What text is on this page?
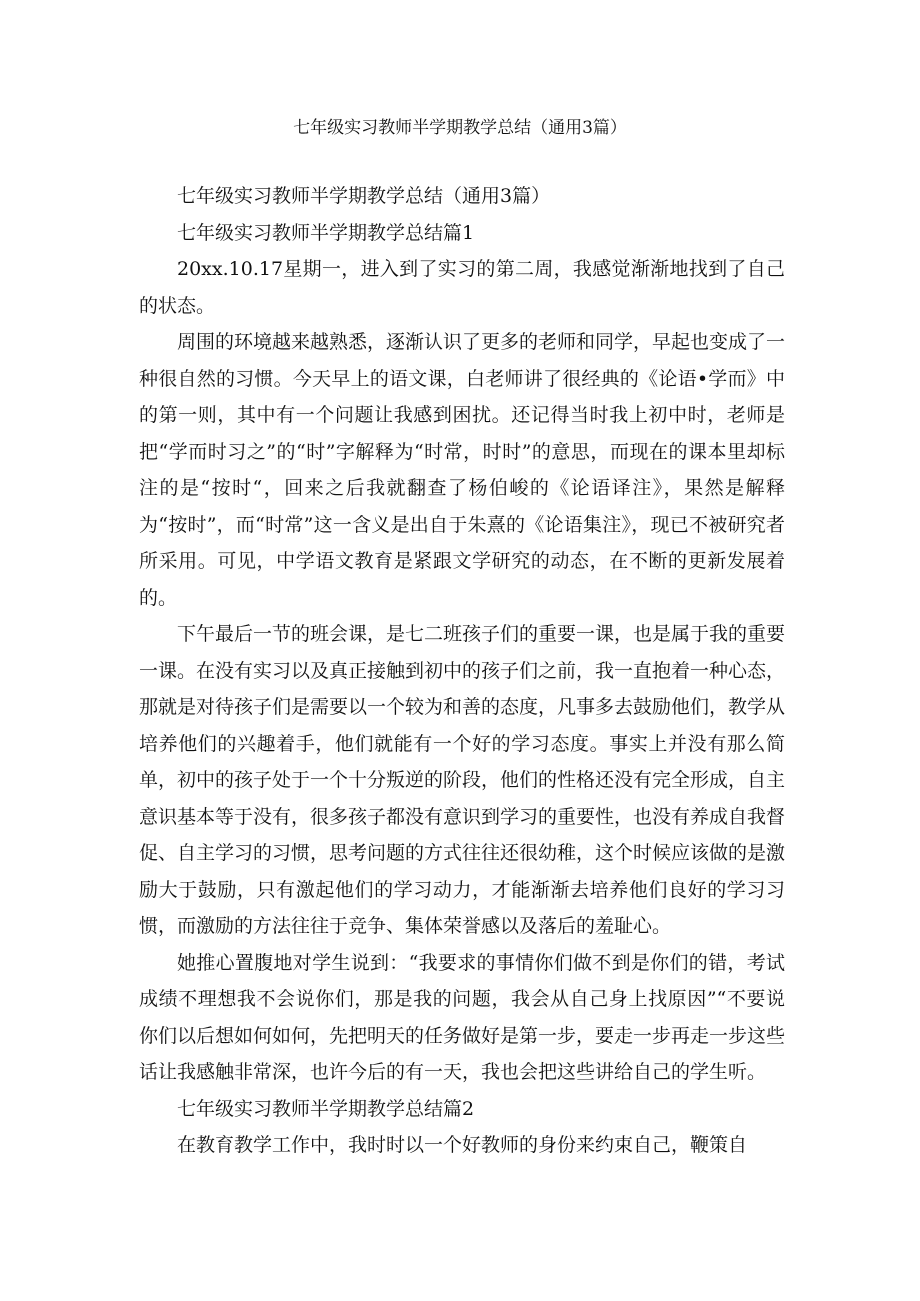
七年级实习教师半学期教学总结（通用3篇）

七年级实习教师半学期教学总结（通用3篇）

七年级实习教师半学期教学总结篇1

20xx.10.17星期一，进入到了实习的第二周，我感觉渐渐地找到了自己的状态。

周围的环境越来越熟悉，逐渐认识了更多的老师和同学，早起也变成了一种很自然的习惯。今天早上的语文课，白老师讲了很经典的《论语•学而》中的第一则，其中有一个问题让我感到困扰。还记得当时我上初中时，老师是把“学而时习之”的“时”字解释为“时常，时时”的意思，而现在的课本里却标注的是“按时“，回来之后我就翻查了杨伯峻的《论语译注》，果然是解释为“按时”，而“时常”这一含义是出自于朱熹的《论语集注》，现已不被研究者所采用。可见，中学语文教育是紧跟文学研究的动态，在不断的更新发展着的。

下午最后一节的班会课，是七二班孩子们的重要一课，也是属于我的重要一课。在没有实习以及真正接触到初中的孩子们之前，我一直抱着一种心态，那就是对待孩子们是需要以一个较为和善的态度，凡事多去鼓励他们，教学从培养他们的兴趣着手，他们就能有一个好的学习态度。事实上并没有那么简单，初中的孩子处于一个十分叛逆的阶段，他们的性格还没有完全形成，自主意识基本等于没有，很多孩子都没有意识到学习的重要性，也没有养成自我督促、自主学习的习惯，思考问题的方式往往还很幼稚，这个时候应该做的是激励大于鼓励，只有激起他们的学习动力，才能渐渐去培养他们良好的学习习惯，而激励的方法往往于竞争、集体荣誉感以及落后的羞耻心。

她推心置腹地对学生说到：“我要求的事情你们做不到是你们的错，考试成绩不理想我不会说你们，那是我的问题，我会从自己身上找原因”“不要说你们以后想如何如何，先把明天的任务做好是第一步，要走一步再走一步这些话让我感触非常深，也许今后的有一天，我也会把这些讲给自己的学生听。

七年级实习教师半学期教学总结篇2

在教育教学工作中，我时时以一个好教师的身份来约束自己，鞭策自
